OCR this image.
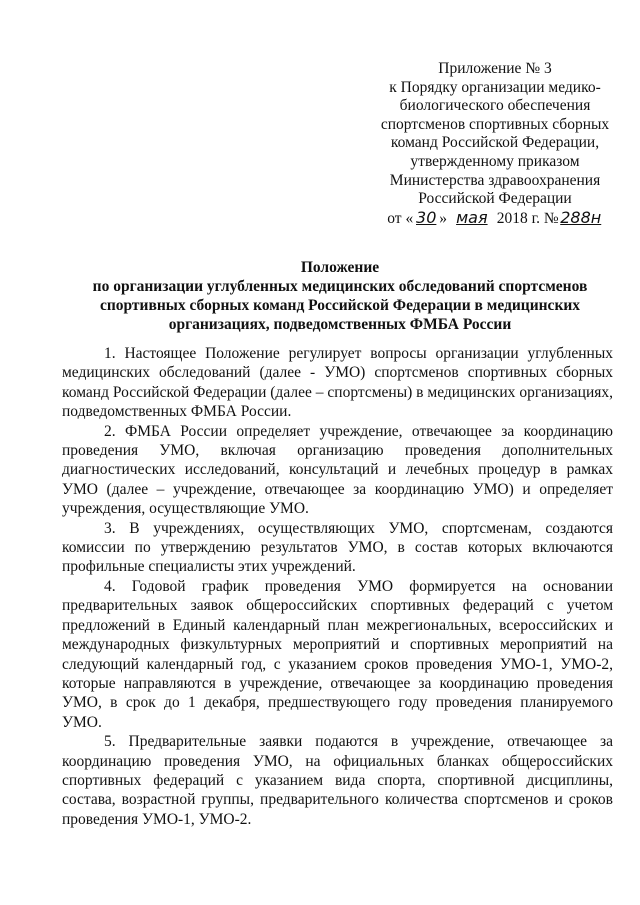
Приложение № 3
к Порядку организации медико-
биологического обеспечения
спортсменов спортивных сборных
команд Российской Федерации,
утвержденному приказом
Министерства здравоохранения
Российской Федерации
от « 30 » мая 2018 г. №288н
Положение
по организации углубленных медицинских обследований спортсменов
спортивных сборных команд Российской Федерации в медицинских
организациях, подведомственных ФМБА России

1. Настоящее Положение регулирует вопросы организации углубленных медицинских обследований (далее - УМО) спортсменов спортивных сборных команд Российской Федерации (далее – спортсмены) в медицинских организациях, подведомственных ФМБА России.

2. ФМБА России определяет учреждение, отвечающее за координацию проведения УМО, включая организацию проведения дополнительных диагностических исследований, консультаций и лечебных процедур в рамках УМО (далее – учреждение, отвечающее за координацию УМО) и определяет учреждения, осуществляющие УМО.

3. В учреждениях, осуществляющих УМО, спортсменам, создаются комиссии по утверждению результатов УМО, в состав которых включаются профильные специалисты этих учреждений.

4. Годовой график проведения УМО формируется на основании предварительных заявок общероссийских спортивных федераций с учетом предложений в Единый календарный план межрегиональных, всероссийских и международных физкультурных мероприятий и спортивных мероприятий на следующий календарный год, с указанием сроков проведения УМО-1, УМО-2, которые направляются в учреждение, отвечающее за координацию проведения УМО, в срок до 1 декабря, предшествующего году проведения планируемого УМО.

5. Предварительные заявки подаются в учреждение, отвечающее за координацию проведения УМО, на официальных бланках общероссийских спортивных федераций с указанием вида спорта, спортивной дисциплины, состава, возрастной группы, предварительного количества спортсменов и сроков проведения УМО-1, УМО-2.
